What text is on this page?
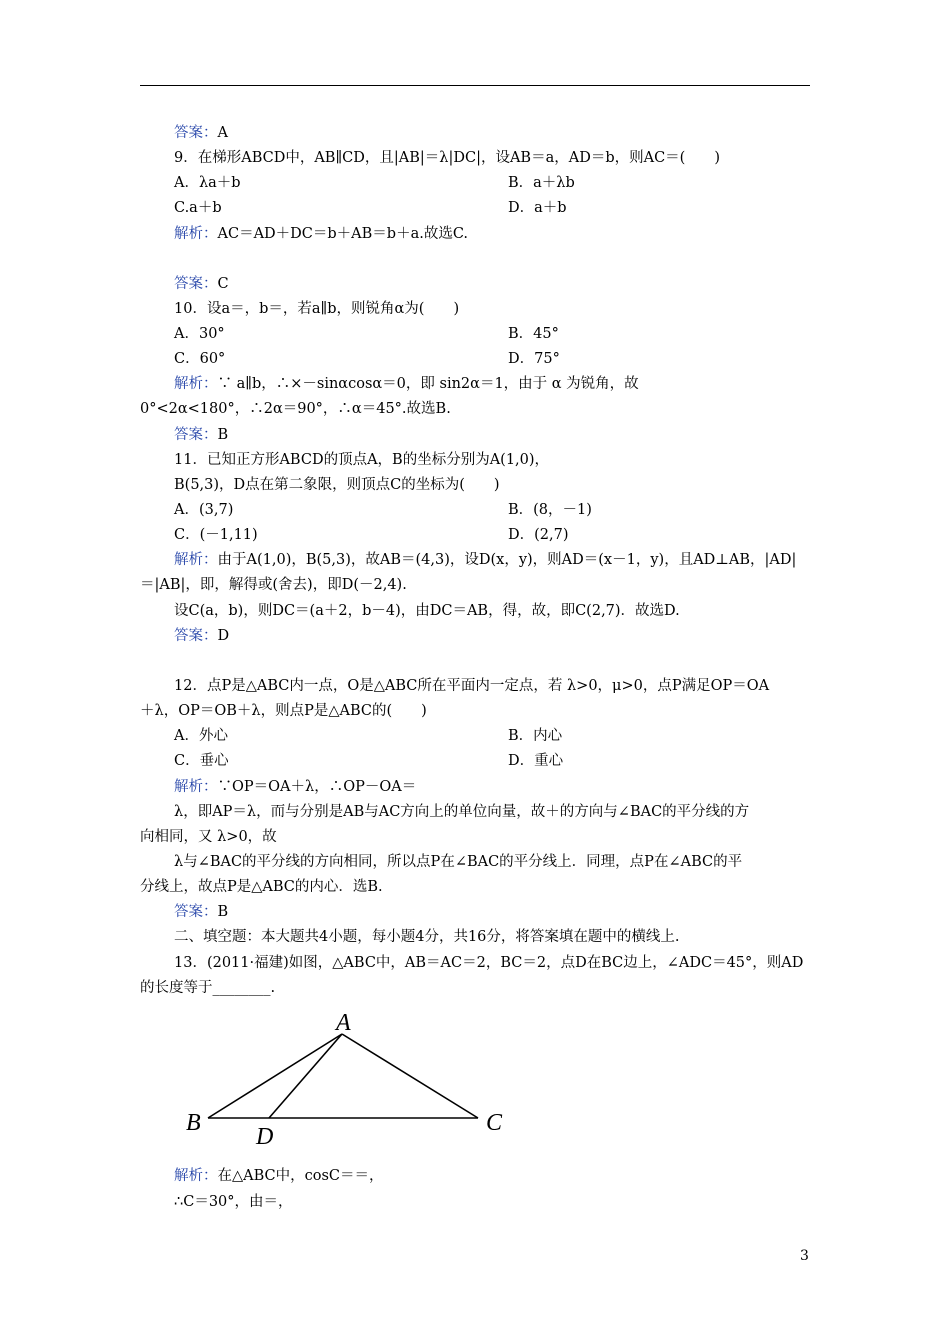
答案：A
9．在梯形ABCD中，AB∥CD，且|AB|＝λ|DC|，设AB＝a，AD＝b，则AC＝(　　)
A．λa＋b	B．a＋λb
C.a＋b	D．a＋b
解析：AC＝AD＋DC＝b＋AB＝b＋a.故选C.
答案：C
10．设a＝，b＝，若a∥b，则锐角α为(　　)
A．30°	B．45°
C．60°	D．75°
解析：∵ a∥b，∴×－sinαcosα＝0，即 sin2α＝1，由于 α 为锐角，故
0°<2α<180°，∴2α＝90°，∴α＝45°.故选B.
答案：B
11．已知正方形ABCD的顶点A，B的坐标分别为A(1,0)，
B(5,3)，D点在第二象限，则顶点C的坐标为(　　)
A．(3,7)	B．(8，－1)
C．(－1,11)	D．(2,7)
解析：由于A(1,0)，B(5,3)，故AB＝(4,3)，设D(x，y)，则AD＝(x－1，y)，且AD⊥AB，|AD|
＝|AB|，即，解得或(舍去)，即D(－2,4).
设C(a，b)，则DC＝(a＋2，b－4)，由DC＝AB，得，故，即C(2,7)．故选D.
答案：D
12．点P是△ABC内一点，O是△ABC所在平面内一定点，若 λ>0，μ>0，点P满足OP＝OA
＋λ，OP＝OB＋λ，则点P是△ABC的(　　)
A．外心	B．内心
C．垂心	D．重心
解析：∵OP＝OA＋λ，∴OP－OA＝
λ，即AP＝λ，而与分别是AB与AC方向上的单位向量，故＋的方向与∠BAC的平分线的方
向相同，又 λ>0，故
λ与∠BAC的平分线的方向相同，所以点P在∠BAC的平分线上．同理，点P在∠ABC的平
分线上，故点P是△ABC的内心．选B.
答案：B
二、填空题：本大题共4小题，每小题4分，共16分，将答案填在题中的横线上.
13．(2011·福建)如图，△ABC中，AB＝AC＝2，BC＝2，点D在BC边上，∠ADC＝45°，则AD
的长度等于________.
A
B
D
C
解析：在△ABC中，cosC＝＝，
∴C＝30°，由＝，
3
